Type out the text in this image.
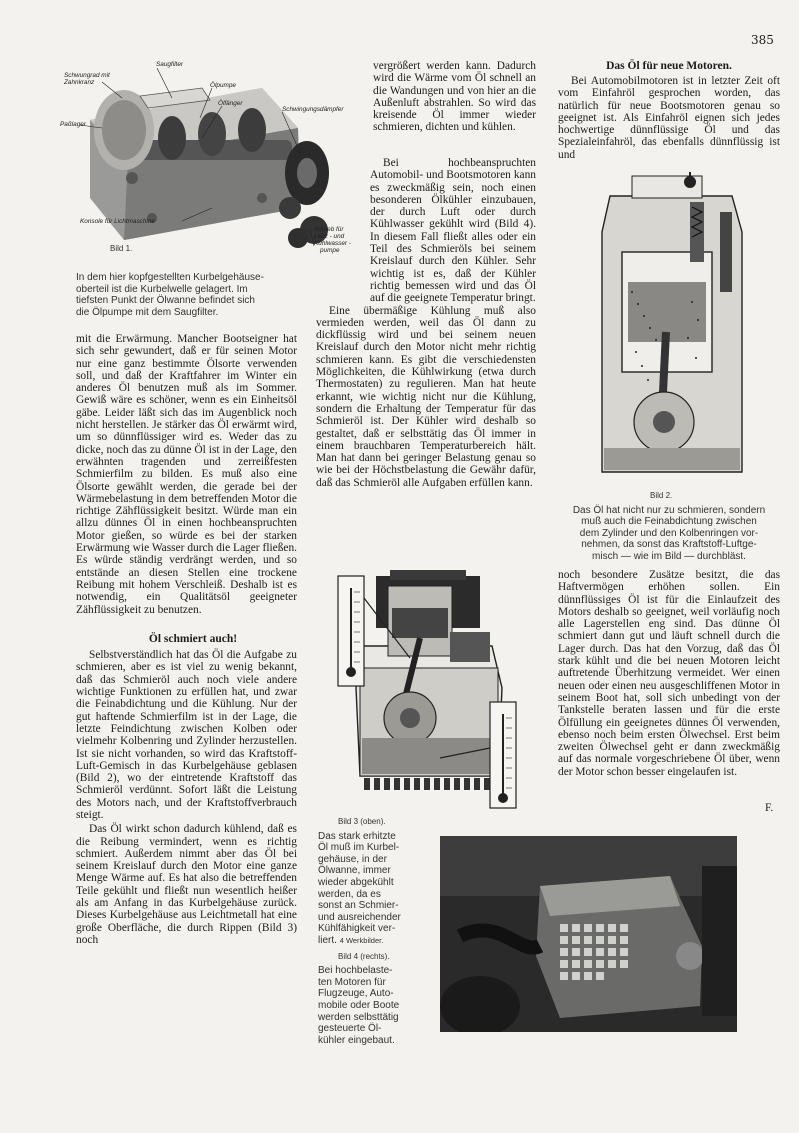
385
Saugfilter
Schwungrad mit
Zahnkranz	Ölpumpe
Ölfänger
Schwingungsdämpfer
Paßlager
Konsole für Lichtmaschine
Antrieb für
Lenz - und
Kühlwasser -
pumpe
Bild 1.
In dem hier kopfgestellten Kurbelgehäuse-
oberteil ist die Kurbelwelle gelagert. Im
tiefsten Punkt der Ölwanne befindet sich
die Ölpumpe mit dem Saugfilter.

mit die Erwärmung. Mancher Bootseigner hat sich sehr gewundert, daß er für seinen Motor nur eine ganz bestimmte Ölsorte verwenden soll, und daß der Kraftfahrer im Winter ein anderes Öl benutzen muß als im Sommer. Gewiß wäre es schöner, wenn es ein Einheitsöl gäbe. Leider läßt sich das im Augenblick noch nicht herstellen. Je stärker das Öl erwärmt wird, um so dünnflüssiger wird es. Weder das zu dicke, noch das zu dünne Öl ist in der Lage, den erwähnten tragenden und zerreißfesten Schmierfilm zu bilden. Es muß also eine Ölsorte gewählt werden, die gerade bei der Wärmebelastung in dem betreffenden Motor die richtige Zähflüssigkeit besitzt. Würde man ein allzu dünnes Öl in einen hochbeanspruchten Motor gießen, so würde es bei der starken Erwärmung wie Wasser durch die Lager fließen. Es würde ständig verdrängt werden, und so entstände an diesen Stellen eine trockene Reibung mit hohem Verschleiß. Deshalb ist es notwendig, ein Qualitätsöl geeigneter Zähflüssigkeit zu benutzen.

Öl schmiert auch!

Selbstverständlich hat das Öl die Aufgabe zu schmieren, aber es ist viel zu wenig bekannt, daß das Schmieröl auch noch viele andere wichtige Funktionen zu erfüllen hat, und zwar die Feinabdichtung und die Kühlung. Nur der gut haftende Schmierfilm ist in der Lage, die letzte Feindichtung zwischen Kolben oder vielmehr Kolbenring und Zylinder herzustellen. Ist sie nicht vorhanden, so wird das Kraftstoff-Luft-Gemisch in das Kurbelgehäuse geblasen (Bild 2), wo der eintretende Kraftstoff das Schmieröl verdünnt. Sofort läßt die Leistung des Motors nach, und der Kraftstoffverbrauch steigt.

Das Öl wirkt schon dadurch kühlend, daß es die Reibung vermindert, wenn es richtig schmiert. Außerdem nimmt aber das Öl bei seinem Kreislauf durch den Motor eine ganze Menge Wärme auf. Es hat also die betreffenden Teile gekühlt und fließt nun wesentlich heißer als am Anfang in das Kurbelgehäuse zurück. Dieses Kurbelgehäuse aus Leichtmetall hat eine große Oberfläche, die durch Rippen (Bild 3) noch

vergrößert werden kann. Dadurch wird die Wärme vom Öl schnell an die Wandungen und von hier an die Außenluft abstrahlen. So wird das kreisende Öl immer wieder schmieren, dichten und kühlen.

Bei hochbeanspruchten Automobil- und Bootsmotoren kann es zweckmäßig sein, noch einen besonderen Ölkühler einzubauen, der durch Luft oder durch Kühlwasser gekühlt wird (Bild 4). In diesem Fall fließt alles oder ein Teil des Schmieröls bei seinem Kreislauf durch den Kühler. Sehr wichtig ist es, daß der Kühler richtig bemessen wird und das Öl auf die geeignete Temperatur bringt.

Eine übermäßige Kühlung muß also vermieden werden, weil das Öl dann zu dickflüssig wird und bei seinem neuen Kreislauf durch den Motor nicht mehr richtig schmieren kann. Es gibt die verschiedensten Möglichkeiten, die Kühlwirkung (etwa durch Thermostaten) zu regulieren. Man hat heute erkannt, wie wichtig nicht nur die Kühlung, sondern die Erhaltung der Temperatur für das Schmieröl ist. Der Kühler wird deshalb so gestaltet, daß er selbsttätig das Öl immer in einem brauchbaren Temperaturbereich hält. Man hat dann bei geringer Belastung genau so wie bei der Höchstbelastung die Gewähr dafür, daß das Schmieröl alle Aufgaben erfüllen kann.

Bild 3 (oben).
Das stark erhitzte
Öl muß im Kurbel-
gehäuse, in der
Ölwanne, immer
wieder abgekühlt
werden, da es
sonst an Schmier-
und ausreichender
Kühlfähigkeit ver-
liert. 4 Werkbilder.
Bild 4 (rechts).
Bei hochbelaste-
ten Motoren für
Flugzeuge, Auto-
mobile oder Boote
werden selbsttätig
gesteuerte Öl-
kühler eingebaut.

Das Öl für neue Motoren.

Bei Automobilmotoren ist in letzter Zeit oft vom Einfahröl gesprochen worden, das natürlich für neue Bootsmotoren genau so geeignet ist. Als Einfahröl eignen sich jedes hochwertige dünnflüssige Öl und das Spezialeinfahröl, das ebenfalls dünnflüssig ist und

Bild 2.
Das Öl hat nicht nur zu schmieren, sondern
muß auch die Feinabdichtung zwischen
dem Zylinder und den Kolbenringen vor-
nehmen, da sonst das Kraftstoff-Luftge-
misch — wie im Bild — durchbläst.

noch besondere Zusätze besitzt, die das Haftvermögen erhöhen sollen. Ein dünnflüssiges Öl ist für die Einlaufzeit des Motors deshalb so geeignet, weil vorläufig noch alle Lagerstellen eng sind. Das dünne Öl schmiert dann gut und läuft schnell durch die Lager durch. Das hat den Vorzug, daß das Öl stark kühlt und die bei neuen Motoren leicht auftretende Überhitzung vermeidet. Wer einen neuen oder einen neu ausgeschliffenen Motor in seinem Boot hat, soll sich unbedingt von der Tankstelle beraten lassen und für die erste Ölfüllung ein geeignetes dünnes Öl verwenden, ebenso noch beim ersten Ölwechsel. Erst beim zweiten Ölwechsel geht er dann zweckmäßig auf das normale vorgeschriebene Öl über, wenn der Motor schon besser eingelaufen ist.

F.
